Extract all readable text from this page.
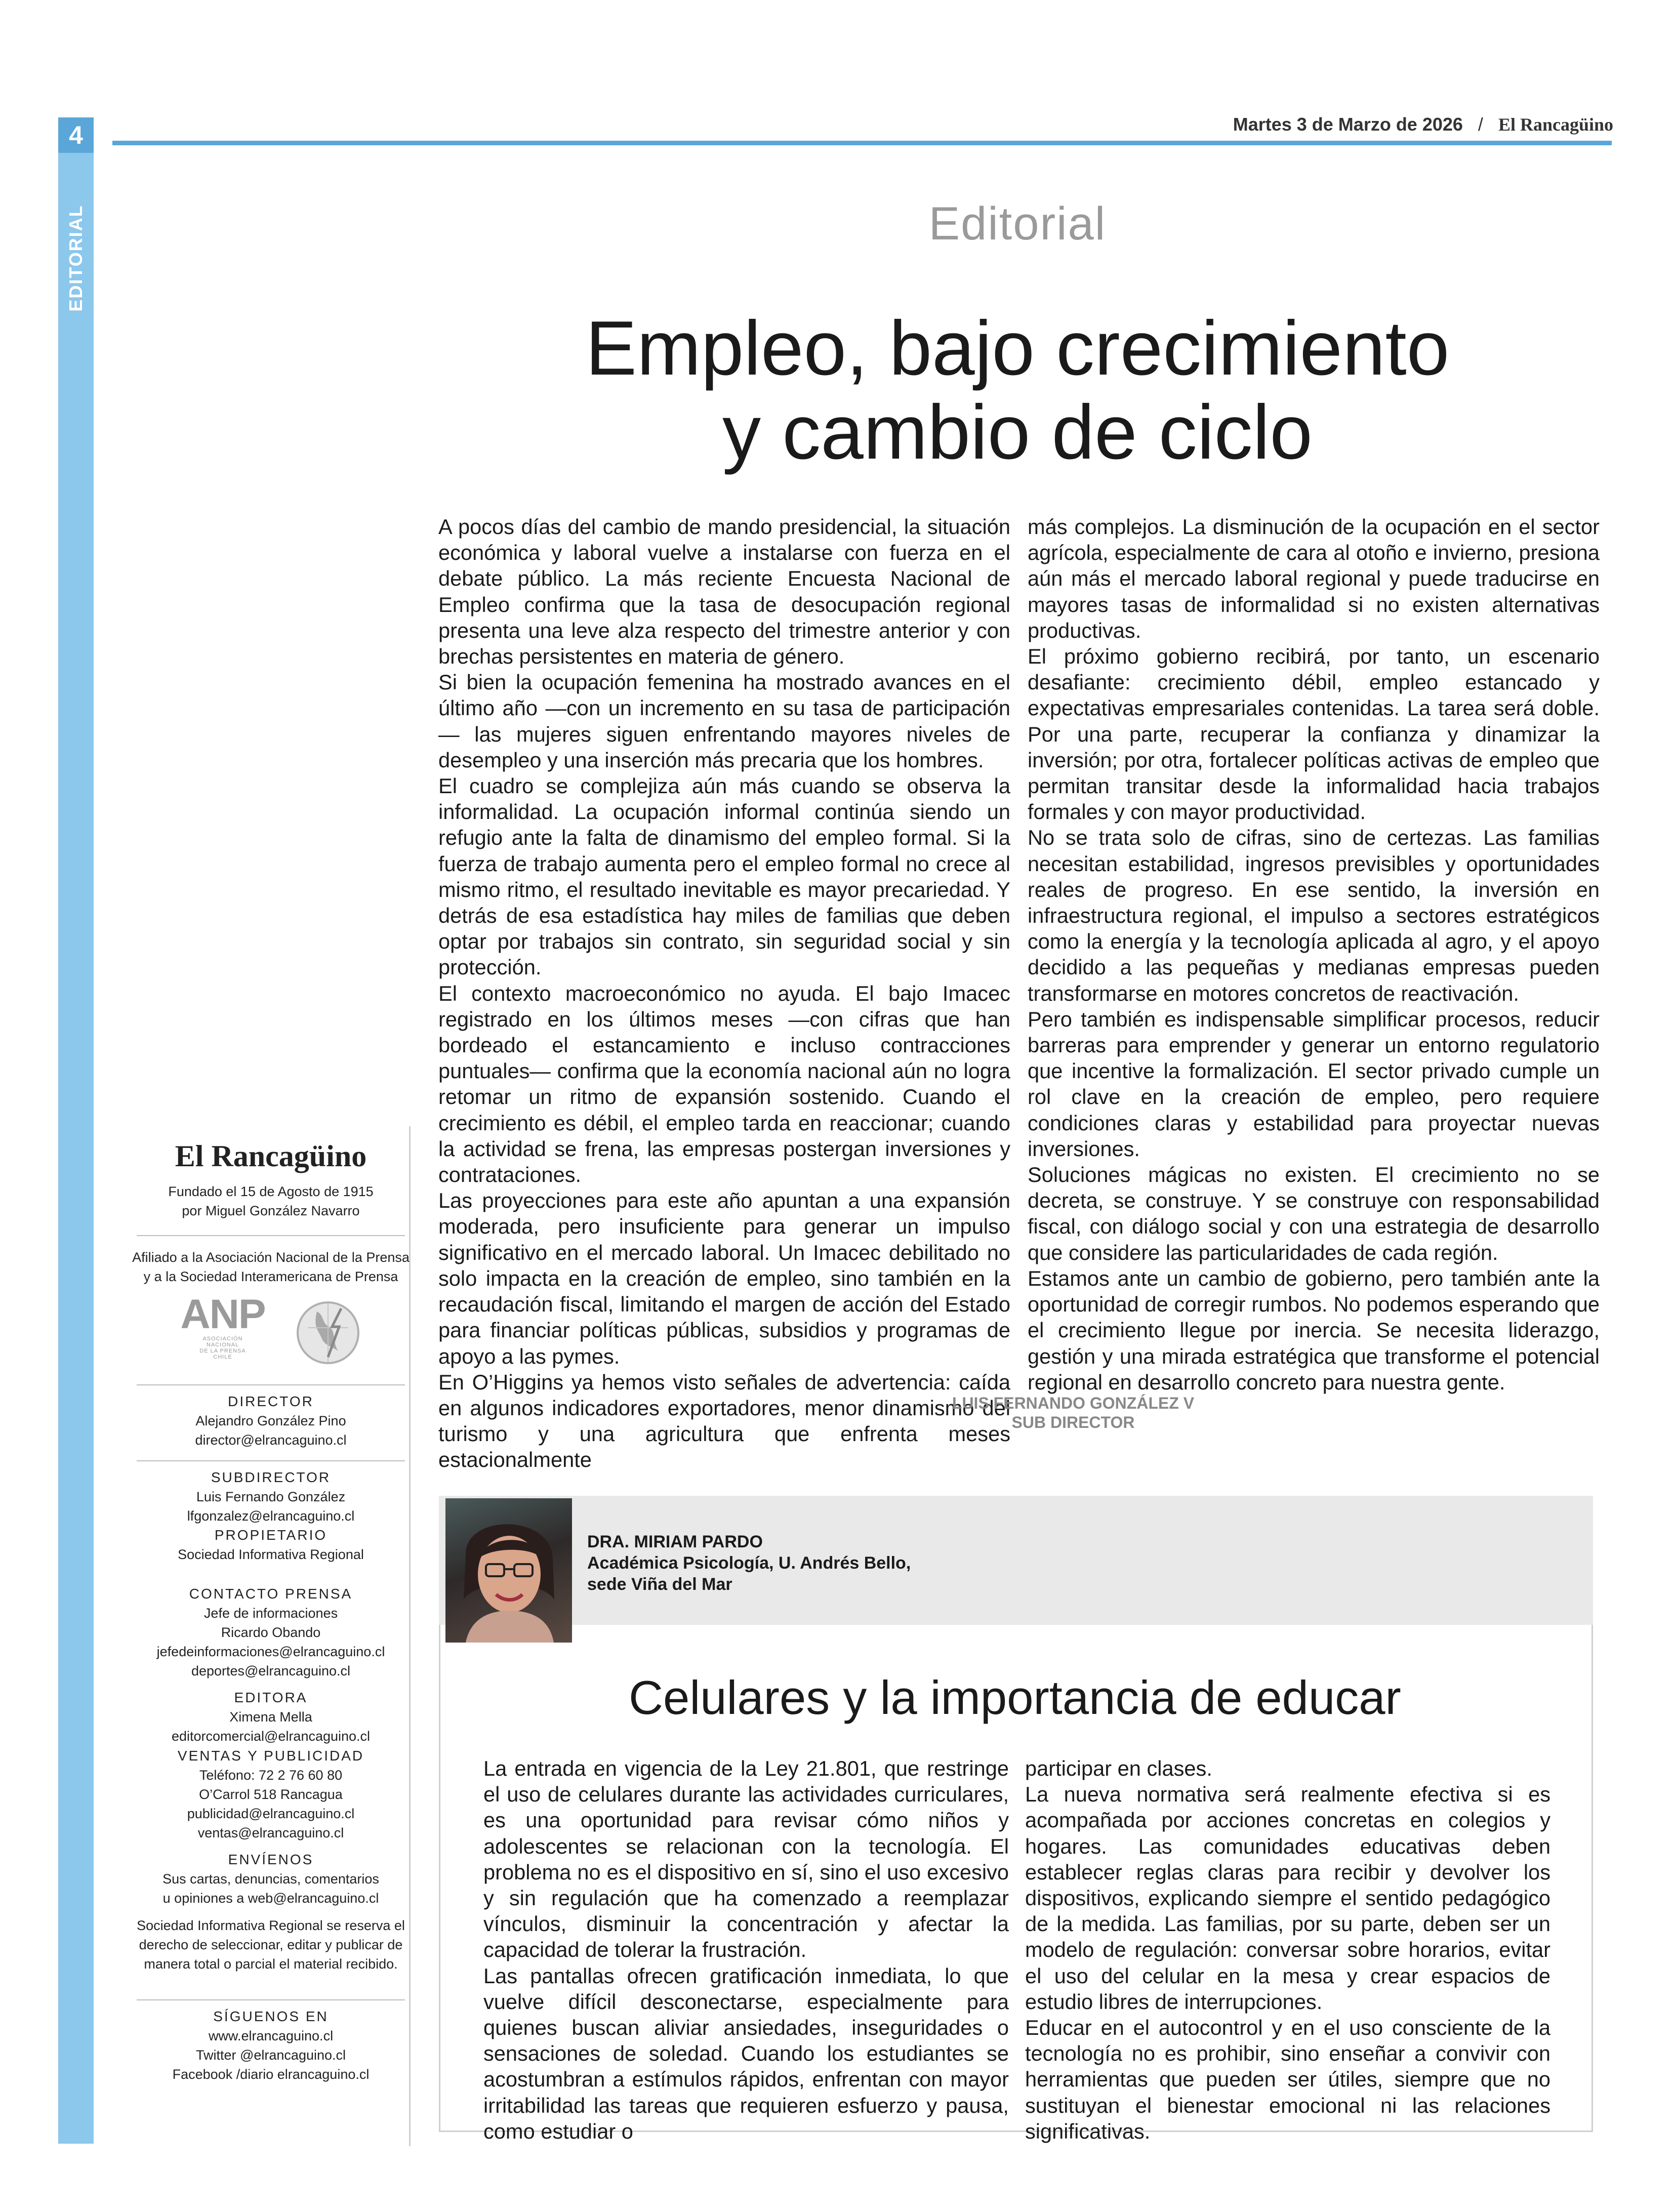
4
EDITORIAL
Martes 3 de Marzo de 2026 / El Rancagüino
Editorial
Empleo, bajo crecimiento
y cambio de ciclo

A pocos días del cambio de mando presidencial, la situación económica y laboral vuelve a instalarse con fuerza en el debate público. La más reciente Encuesta Nacional de Empleo confirma que la tasa de desocupación regional presenta una leve alza respecto del trimestre anterior y con brechas persistentes en materia de género.

Si bien la ocupación femenina ha mostrado avances en el último año —con un incremento en su tasa de participación— las mujeres siguen enfrentando mayores niveles de desempleo y una inserción más precaria que los hombres.

El cuadro se complejiza aún más cuando se observa la informalidad. La ocupación informal continúa siendo un refugio ante la falta de dinamismo del empleo formal. Si la fuerza de trabajo aumenta pero el empleo formal no crece al mismo ritmo, el resultado inevitable es mayor precariedad. Y detrás de esa estadística hay miles de familias que deben optar por trabajos sin contrato, sin seguridad social y sin protección.

El contexto macroeconómico no ayuda. El bajo Imacec registrado en los últimos meses —con cifras que han bordeado el estancamiento e incluso contracciones puntuales— confirma que la economía nacional aún no logra retomar un ritmo de expansión sostenido. Cuando el crecimiento es débil, el empleo tarda en reaccionar; cuando la actividad se frena, las empresas postergan inversiones y contrataciones.

Las proyecciones para este año apuntan a una expansión moderada, pero insuficiente para generar un impulso significativo en el mercado laboral. Un Imacec debilitado no solo impacta en la creación de empleo, sino también en la recaudación fiscal, limitando el margen de acción del Estado para financiar políticas públicas, subsidios y programas de apoyo a las pymes.

En O’Higgins ya hemos visto señales de advertencia: caída en algunos indicadores exportadores, menor dinamismo del turismo y una agricultura que enfrenta meses estacionalmente

más complejos. La disminución de la ocupación en el sector agrícola, especialmente de cara al otoño e invierno, presiona aún más el mercado laboral regional y puede traducirse en mayores tasas de informalidad si no existen alternativas productivas.

El próximo gobierno recibirá, por tanto, un escenario desafiante: crecimiento débil, empleo estancado y expectativas empresariales contenidas. La tarea será doble. Por una parte, recuperar la confianza y dinamizar la inversión; por otra, fortalecer políticas activas de empleo que permitan transitar desde la informalidad hacia trabajos formales y con mayor productividad.

No se trata solo de cifras, sino de certezas. Las familias necesitan estabilidad, ingresos previsibles y oportunidades reales de progreso. En ese sentido, la inversión en infraestructura regional, el impulso a sectores estratégicos como la energía y la tecnología aplicada al agro, y el apoyo decidido a las pequeñas y medianas empresas pueden transformarse en motores concretos de reactivación.

Pero también es indispensable simplificar procesos, reducir barreras para emprender y generar un entorno regulatorio que incentive la formalización. El sector privado cumple un rol clave en la creación de empleo, pero requiere condiciones claras y estabilidad para proyectar nuevas inversiones.

Soluciones mágicas no existen. El crecimiento no se decreta, se construye. Y se construye con responsabilidad fiscal, con diálogo social y con una estrategia de desarrollo que considere las particularidades de cada región.

Estamos ante un cambio de gobierno, pero también ante la oportunidad de corregir rumbos. No podemos esperando que el crecimiento llegue por inercia. Se necesita liderazgo, gestión y una mirada estratégica que transforme el potencial regional en desarrollo concreto para nuestra gente.

LUIS FERNANDO GONZÁLEZ V
SUB DIRECTOR
El Rancagüino
Fundado el 15 de Agosto de 1915
por Miguel González Navarro
Afiliado a la Asociación Nacional de la Prensa
y a la Sociedad Interamericana de Prensa
ANP
ASOCIACIÓN
NACIONAL
DE LA PRENSA
CHILE
DIRECTOR
Alejandro González Pino
director@elrancaguino.cl
SUBDIRECTOR
Luis Fernando González
lfgonzalez@elrancaguino.cl
PROPIETARIO
Sociedad Informativa Regional
CONTACTO PRENSA
Jefe de informaciones
Ricardo Obando
jefedeinformaciones@elrancaguino.cl
deportes@elrancaguino.cl
EDITORA
Ximena Mella
editorcomercial@elrancaguino.cl
VENTAS Y PUBLICIDAD
Teléfono: 72 2 76 60 80
O’Carrol 518 Rancagua
publicidad@elrancaguino.cl
ventas@elrancaguino.cl
ENVÍENOS
Sus cartas, denuncias, comentarios
u opiniones a web@elrancaguino.cl
Sociedad Informativa Regional se reserva el
derecho de seleccionar, editar y publicar de
manera total o parcial el material recibido.
SÍGUENOS EN
www.elrancaguino.cl
Twitter @elrancaguino.cl
Facebook /diario elrancaguino.cl
DRA. MIRIAM PARDO
Académica Psicología, U. Andrés Bello,
sede Viña del Mar
Celulares y la importancia de educar

La entrada en vigencia de la Ley 21.801, que restringe el uso de celulares durante las actividades curriculares, es una oportunidad para revisar cómo niños y adolescentes se relacionan con la tecnología. El problema no es el dispositivo en sí, sino el uso excesivo y sin regulación que ha comenzado a reemplazar vínculos, disminuir la concentración y afectar la capacidad de tolerar la frustración.

Las pantallas ofrecen gratificación inmediata, lo que vuelve difícil desconectarse, especialmente para quienes buscan aliviar ansiedades, inseguridades o sensaciones de soledad. Cuando los estudiantes se acostumbran a estímulos rápidos, enfrentan con mayor irritabilidad las tareas que requieren esfuerzo y pausa, como estudiar o

participar en clases.

La nueva normativa será realmente efectiva si es acompañada por acciones concretas en colegios y hogares. Las comunidades educativas deben establecer reglas claras para recibir y devolver los dispositivos, explicando siempre el sentido pedagógico de la medida. Las familias, por su parte, deben ser un modelo de regulación: conversar sobre horarios, evitar el uso del celular en la mesa y crear espacios de estudio libres de interrupciones.

Educar en el autocontrol y en el uso consciente de la tecnología no es prohibir, sino enseñar a convivir con herramientas que pueden ser útiles, siempre que no sustituyan el bienestar emocional ni las relaciones significativas.
